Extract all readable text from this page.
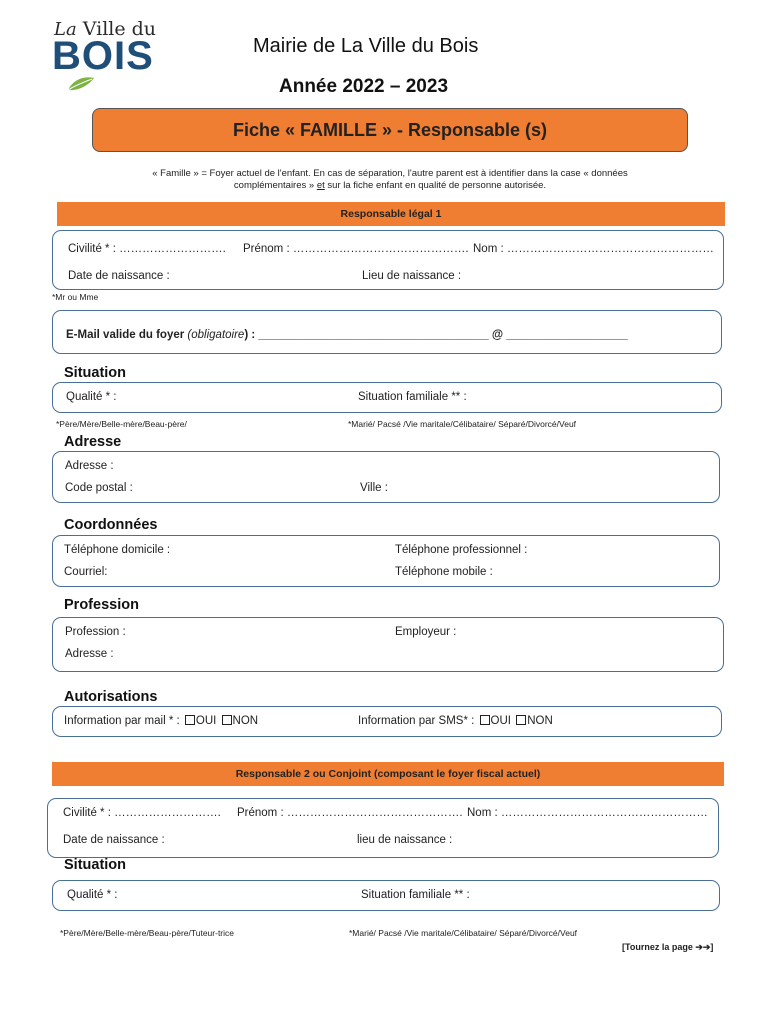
La Ville du
BOIS	Mairie de La Ville du Bois
Année 2022 – 2023
Fiche « FAMILLE » - Responsable (s)
« Famille » = Foyer actuel de l'enfant. En cas de séparation, l'autre parent est à identifier dans la case « données
complémentaires » et sur la fiche enfant en qualité de personne autorisée.
Responsable légal 1
Civilité * : ………………………. Prénom : ………………………………………. Nom : ………………………………………………
Date de naissance :	Lieu de naissance :
*Mr ou Mme
E-Mail valide du foyer (obligatoire) : ____________________________________ @ ___________________
Situation
Qualité * :	Situation familiale ** :
*Père/Mère/Belle-mère/Beau-père/	*Marié/ Pacsé /Vie maritale/Célibataire/ Séparé/Divorcé/Veuf
Adresse
Adresse :
Code postal :	Ville :
Coordonnées
Téléphone domicile :	Téléphone professionnel :
Courriel:	Téléphone mobile :
Profession
Profession :	Employeur :
Adresse :
Autorisations
Information par mail * : OUI NON	Information par SMS* : OUI NON
Responsable 2 ou Conjoint (composant le foyer fiscal actuel)
Civilité * : ………………………. Prénom : ………………………………………. Nom : ………………………………………………
Date de naissance :	lieu de naissance :
Situation
Qualité * :	Situation familiale ** :
*Père/Mère/Belle-mère/Beau-père/Tuteur-trice	*Marié/ Pacsé /Vie maritale/Célibataire/ Séparé/Divorcé/Veuf
[Tournez la page ➔➔]
